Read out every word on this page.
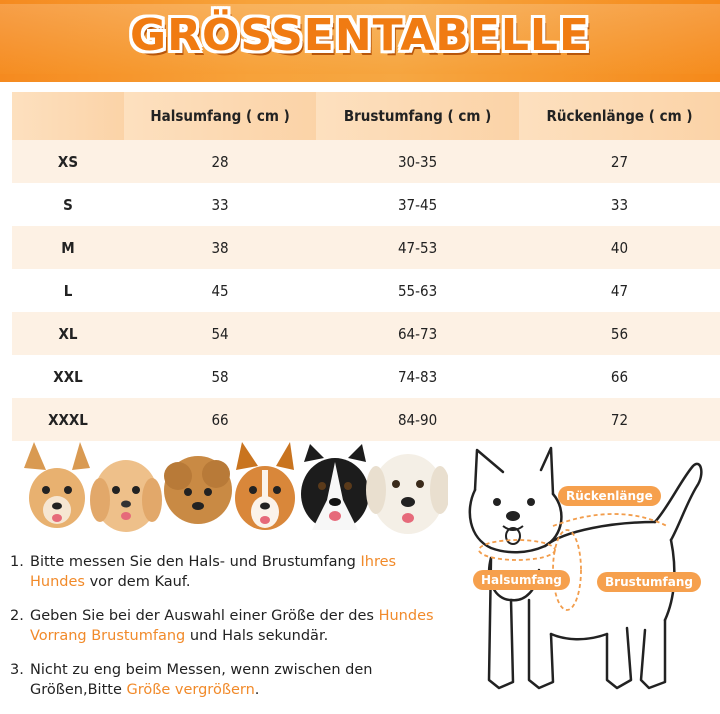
GRÖSSENTABELLE
	Halsumfang ( cm )	Brustumfang ( cm )	Rückenlänge ( cm )
XS	28	30-35	27
S	33	37-45	33
M	38	47-53	40
L	45	55-63	47
XL	54	64-73	56
XXL	58	74-83	66
XXXL	66	84-90	72
1. Bitte messen Sie den Hals- und Brustumfang Ihres Hundes vor dem Kauf.
2. Geben Sie bei der Auswahl einer Größe der des Hundes Vorrang Brustumfang und Hals sekundär.
3. Nicht zu eng beim Messen, wenn zwischen den Größen,Bitte Größe vergrößern.
Rückenlänge
Halsumfang	Brustumfang
